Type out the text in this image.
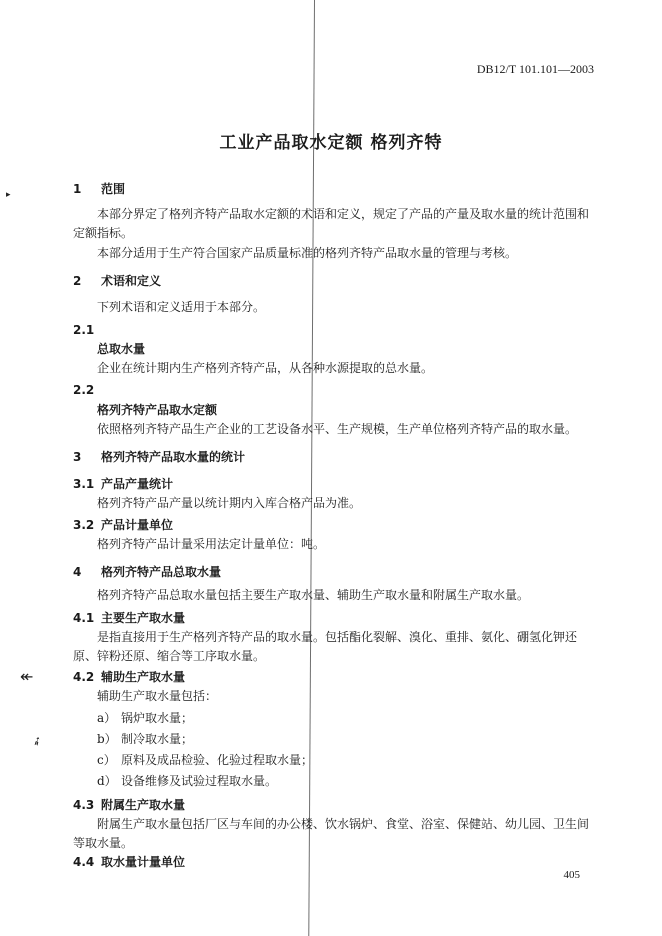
▸
↞
➶
DB12/T 101.101—2003
工业产品取水定额 格列齐特
1 范围
本部分界定了格列齐特产品取水定额的术语和定义，规定了产品的产量及取水量的统计范围和定额指标。
本部分适用于生产符合国家产品质量标准的格列齐特产品取水量的管理与考核。
2 术语和定义
下列术语和定义适用于本部分。
2.1
总取水量
企业在统计期内生产格列齐特产品，从各种水源提取的总水量。
2.2
格列齐特产品取水定额
依照格列齐特产品生产企业的工艺设备水平、生产规模，生产单位格列齐特产品的取水量。
3 格列齐特产品取水量的统计
3.1 产品产量统计
格列齐特产品产量以统计期内入库合格产品为准。
3.2 产品计量单位
格列齐特产品计量采用法定计量单位：吨。
4 格列齐特产品总取水量
格列齐特产品总取水量包括主要生产取水量、辅助生产取水量和附属生产取水量。
4.1 主要生产取水量
是指直接用于生产格列齐特产品的取水量。包括酯化裂解、溴化、重排、氨化、硼氢化钾还原、锌粉还原、缩合等工序取水量。
4.2 辅助生产取水量
辅助生产取水量包括：
a） 锅炉取水量；
b） 制冷取水量；
c） 原料及成品检验、化验过程取水量；
d） 设备维修及试验过程取水量。
4.3 附属生产取水量
附属生产取水量包括厂区与车间的办公楼、饮水锅炉、食堂、浴室、保健站、幼儿园、卫生间等取水量。
4.4 取水量计量单位
405
